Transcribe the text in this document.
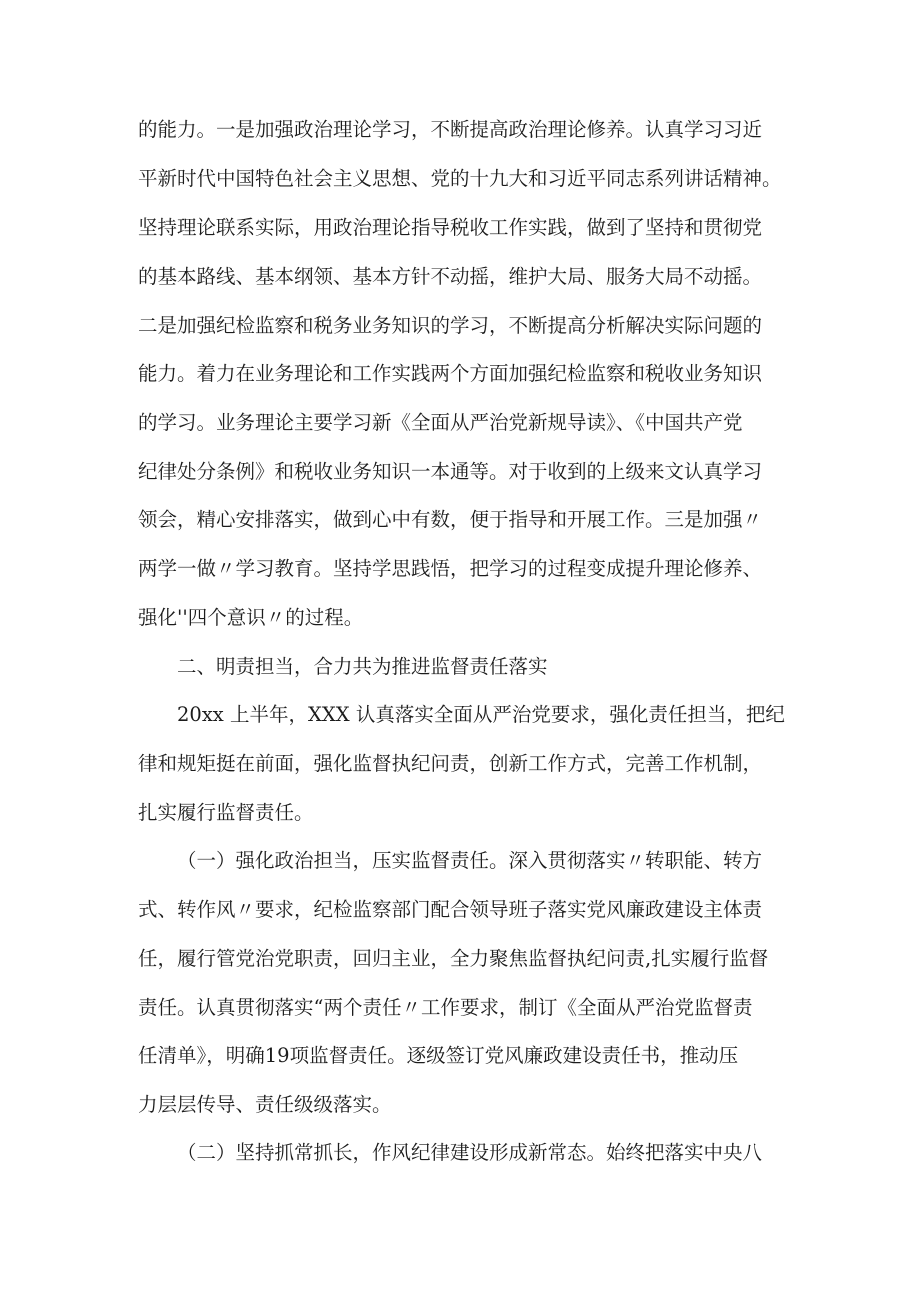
的能力。一是加强政治理论学习，不断提高政治理论修养。认真学习习近
平新时代中国特色社会主义思想、党的十九大和习近平同志系列讲话精神。
坚持理论联系实际，用政治理论指导税收工作实践，做到了坚持和贯彻党
的基本路线、基本纲领、基本方针不动摇，维护大局、服务大局不动摇。
二是加强纪检监察和税务业务知识的学习，不断提高分析解决实际问题的
能力。着力在业务理论和工作实践两个方面加强纪检监察和税收业务知识
的学习。业务理论主要学习新《全面从严治党新规导读》、《中国共产党
纪律处分条例》和税收业务知识一本通等。对于收到的上级来文认真学习
领会，精心安排落实，做到心中有数，便于指导和开展工作。三是加强〃
两学一做〃学习教育。坚持学思践悟，把学习的过程变成提升理论修养、
强化''四个意识〃的过程。
二、明责担当，合力共为推进监督责任落实
20xx 上半年，XXX 认真落实全面从严治党要求，强化责任担当，把纪
律和规矩挺在前面，强化监督执纪问责，创新工作方式，完善工作机制，
扎实履行监督责任。
（一）强化政治担当，压实监督责任。深入贯彻落实〃转职能、转方
式、转作风〃要求，纪检监察部门配合领导班子落实党风廉政建设主体责
任，履行管党治党职责，回归主业，全力聚焦监督执纪问责,扎实履行监督
责任。认真贯彻落实“两个责任〃工作要求，制订《全面从严治党监督责
任清单》，明确19项监督责任。逐级签订党风廉政建设责任书，推动压
力层层传导、责任级级落实。
（二）坚持抓常抓长，作风纪律建设形成新常态。始终把落实中央八
